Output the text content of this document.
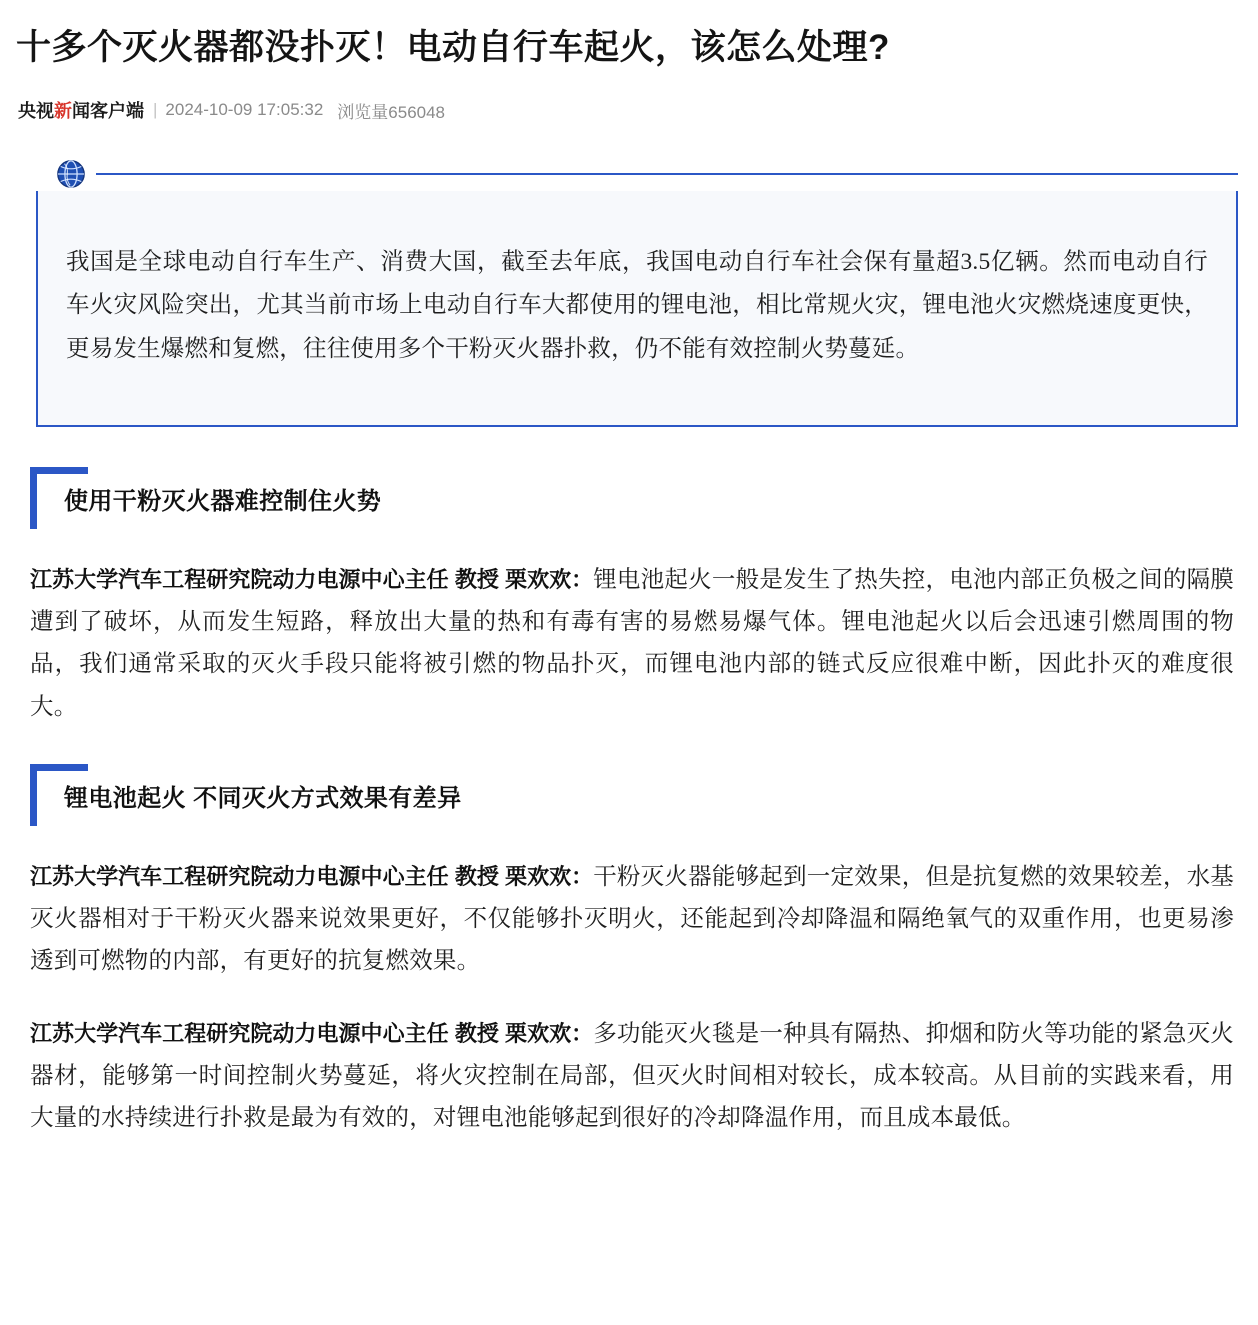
十多个灭火器都没扑灭！电动自行车起火，该怎么处理?
央视新闻客户端 | 2024-10-09 17:05:32 浏览量656048

我国是全球电动自行车生产、消费大国，截至去年底，我国电动自行车社会保有量超3.5亿辆。然而电动自行车火灾风险突出，尤其当前市场上电动自行车大都使用的锂电池，相比常规火灾，锂电池火灾燃烧速度更快，更易发生爆燃和复燃，往往使用多个干粉灭火器扑救，仍不能有效控制火势蔓延。

使用干粉灭火器难控制住火势

江苏大学汽车工程研究院动力电源中心主任 教授 栗欢欢：锂电池起火一般是发生了热失控，电池内部正负极之间的隔膜遭到了破坏，从而发生短路，释放出大量的热和有毒有害的易燃易爆气体。锂电池起火以后会迅速引燃周围的物品，我们通常采取的灭火手段只能将被引燃的物品扑灭，而锂电池内部的链式反应很难中断，因此扑灭的难度很大。

锂电池起火 不同灭火方式效果有差异

江苏大学汽车工程研究院动力电源中心主任 教授 栗欢欢：干粉灭火器能够起到一定效果，但是抗复燃的效果较差，水基灭火器相对于干粉灭火器来说效果更好，不仅能够扑灭明火，还能起到冷却降温和隔绝氧气的双重作用，也更易渗透到可燃物的内部，有更好的抗复燃效果。

江苏大学汽车工程研究院动力电源中心主任 教授 栗欢欢：多功能灭火毯是一种具有隔热、抑烟和防火等功能的紧急灭火器材，能够第一时间控制火势蔓延，将火灾控制在局部，但灭火时间相对较长，成本较高。从目前的实践来看，用大量的水持续进行扑救是最为有效的，对锂电池能够起到很好的冷却降温作用，而且成本最低。
